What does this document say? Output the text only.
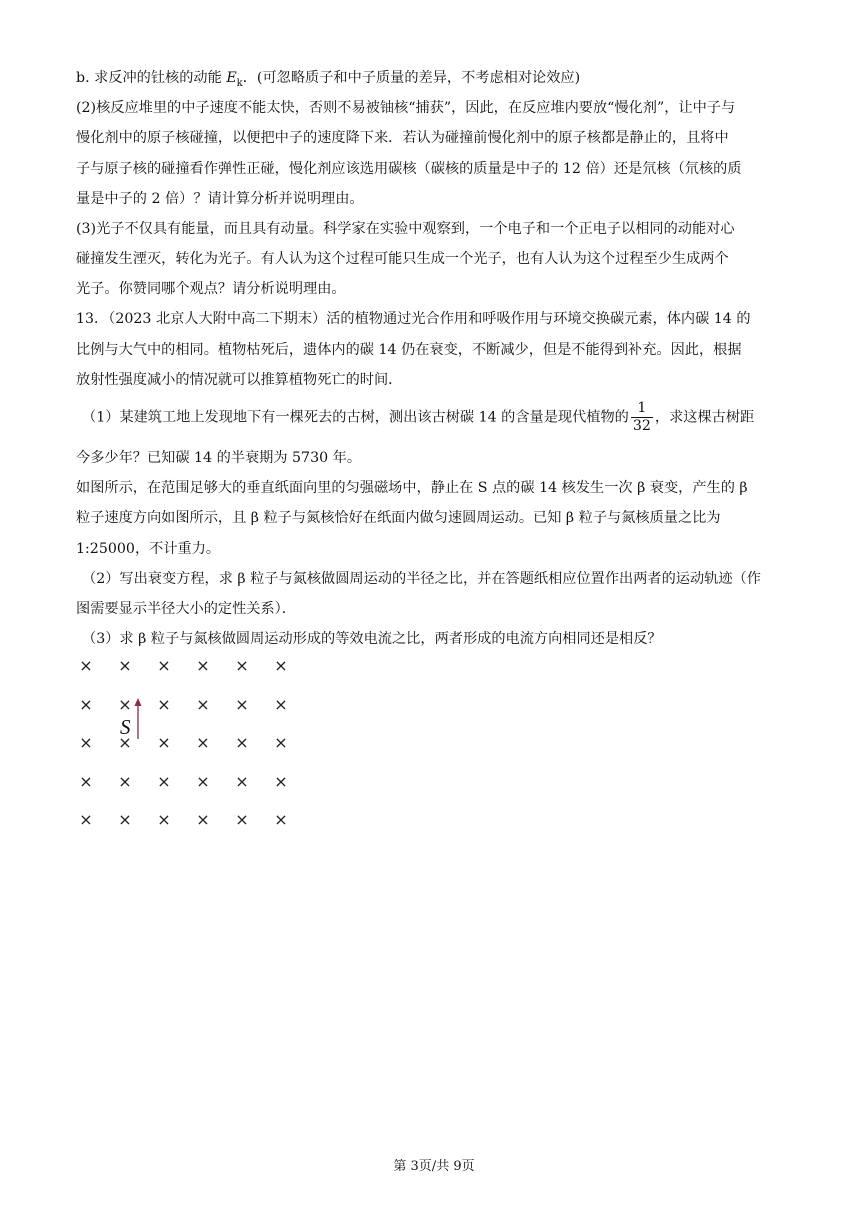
b. 求反冲的钍核的动能 $E_k$．(可忽略质子和中子质量的差异，不考虑相对论效应)
(2)核反应堆里的中子速度不能太快，否则不易被铀核“捕获”，因此，在反应堆内要放“慢化剂”，让中子与
慢化剂中的原子核碰撞，以便把中子的速度降下来．若认为碰撞前慢化剂中的原子核都是静止的，且将中
子与原子核的碰撞看作弹性正碰，慢化剂应该选用碳核（碳核的质量是中子的 12 倍）还是氘核（氘核的质
量是中子的 2 倍）？请计算分析并说明理由。
(3)光子不仅具有能量，而且具有动量。科学家在实验中观察到，一个电子和一个正电子以相同的动能对心
碰撞发生湮灭，转化为光子。有人认为这个过程可能只生成一个光子，也有人认为这个过程至少生成两个
光子。你赞同哪个观点？请分析说明理由。
13．（2023 北京人大附中高二下期末）活的植物通过光合作用和呼吸作用与环境交换碳元素，体内碳 14 的
比例与大气中的相同。植物枯死后，遗体内的碳 14 仍在衰变，不断减少，但是不能得到补充。因此，根据
放射性强度减小的情况就可以推算植物死亡的时间．
（1）某建筑工地上发现地下有一棵死去的古树，测出该古树碳 14 的含量是现代植物的 $\frac{1}{32}$ ，求这棵古树距
今多少年？已知碳 14 的半衰期为 5730 年。
如图所示，在范围足够大的垂直纸面向里的匀强磁场中，静止在 S 点的碳 14 核发生一次 β 衰变，产生的 β
粒子速度方向如图所示，且 β 粒子与氮核恰好在纸面内做匀速圆周运动。已知 β 粒子与氮核质量之比为
1:25000，不计重力。
（2）写出衰变方程，求 β 粒子与氮核做圆周运动的半径之比，并在答题纸相应位置作出两者的运动轨迹（作
图需要显示半径大小的定性关系）．
（3）求 β 粒子与氮核做圆周运动形成的等效电流之比，两者形成的电流方向相同还是相反？
× × × × × ×
× × × × × ×
× × × × × ×
× × × × × ×
× × × × × ×
S
第 3页/共 9页
